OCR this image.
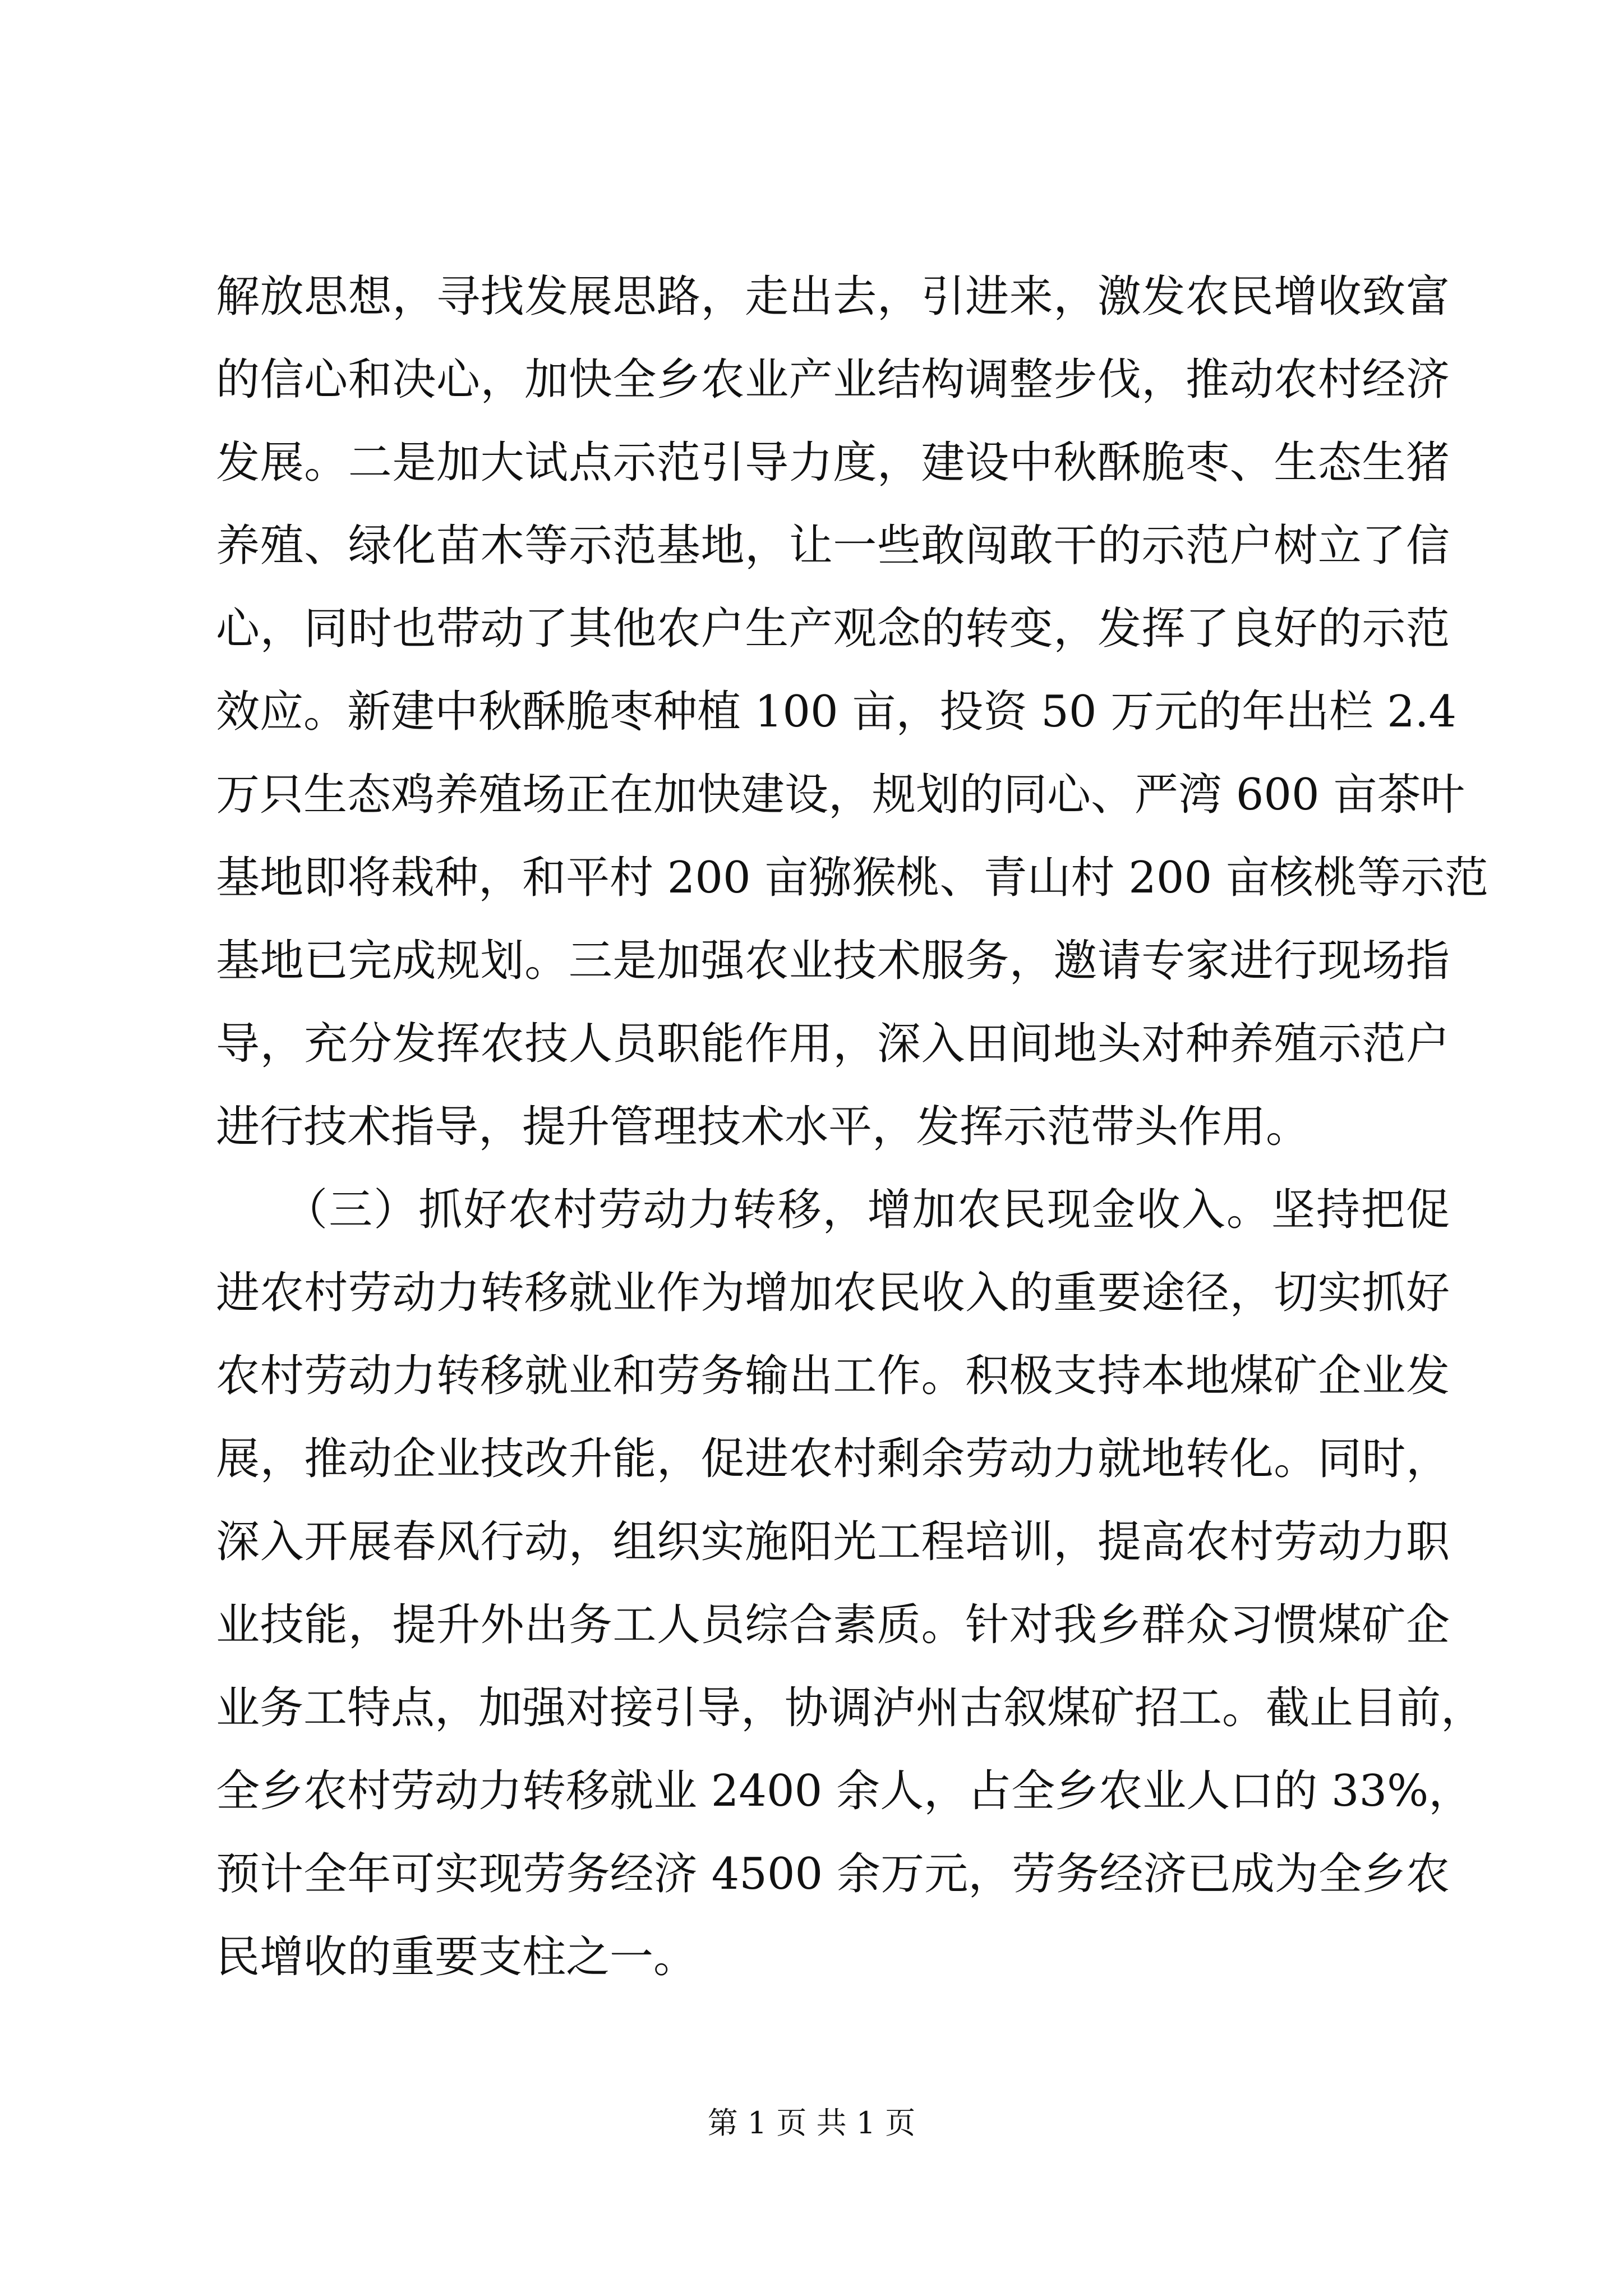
解放思想，寻找发展思路，走出去，引进来，激发农民增收致富
的信心和决心，加快全乡农业产业结构调整步伐，推动农村经济
发展。二是加大试点示范引导力度，建设中秋酥脆枣、生态生猪
养殖、绿化苗木等示范基地，让一些敢闯敢干的示范户树立了信
心，同时也带动了其他农户生产观念的转变，发挥了良好的示范
效应。新建中秋酥脆枣种植 100 亩，投资 50 万元的年出栏 2.4
万只生态鸡养殖场正在加快建设，规划的同心、严湾 600 亩茶叶
基地即将栽种，和平村 200 亩猕猴桃、青山村 200 亩核桃等示范
基地已完成规划。三是加强农业技术服务，邀请专家进行现场指
导，充分发挥农技人员职能作用，深入田间地头对种养殖示范户
进行技术指导，提升管理技术水平，发挥示范带头作用。
　　（三）抓好农村劳动力转移，增加农民现金收入。坚持把促
进农村劳动力转移就业作为增加农民收入的重要途径，切实抓好
农村劳动力转移就业和劳务输出工作。积极支持本地煤矿企业发
展，推动企业技改升能，促进农村剩余劳动力就地转化。同时，
深入开展春风行动，组织实施阳光工程培训，提高农村劳动力职
业技能，提升外出务工人员综合素质。针对我乡群众习惯煤矿企
业务工特点，加强对接引导，协调泸州古叙煤矿招工。截止目前，
全乡农村劳动力转移就业 2400 余人，占全乡农业人口的 33%，
预计全年可实现劳务经济 4500 余万元，劳务经济已成为全乡农
民增收的重要支柱之一。
第 1 页 共 1 页
